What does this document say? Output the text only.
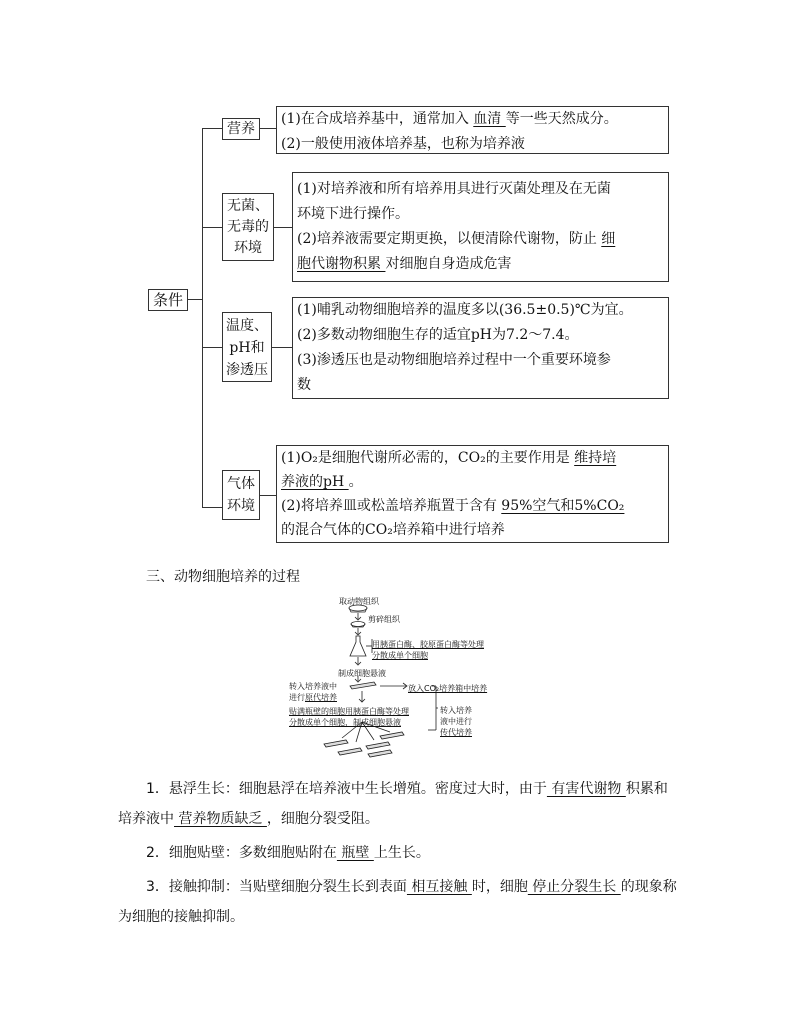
条件
营养
(1)在合成培养基中，通常加入 血清 等一些天然成分。
(2)一般使用液体培养基，也称为培养液
无菌、无毒的环境
(1)对培养液和所有培养用具进行灭菌处理及在无菌
环境下进行操作。
(2)培养液需要定期更换，以便清除代谢物，防止 细
胞代谢物积累 对细胞自身造成危害
温度、pH和渗透压
(1)哺乳动物细胞培养的温度多以(36.5±0.5)℃为宜。
(2)多数动物细胞生存的适宜pH为7.2～7.4。
(3)渗透压也是动物细胞培养过程中一个重要环境参
数
气体环境
(1)O₂是细胞代谢所必需的，CO₂的主要作用是 维持培
养液的pH 。
(2)将培养皿或松盖培养瓶置于含有 95%空气和5%CO₂
的混合气体的CO₂培养箱中进行培养
三、动物细胞培养的过程
取动物组织
剪碎组织
用胰蛋白酶、胶原蛋白酶等处理
分散成单个细胞
制成细胞悬液
转入培养液中
进行原代培养
放入CO₂培养箱中培养
贴满瓶壁的细胞用胰蛋白酶等处理
分散成单个细胞，制成细胞悬液
转入培养
液中进行
传代培养
1．悬浮生长：细胞悬浮在培养液中生长增殖。密度过大时，由于 有害代谢物 积累和培养液中 营养物质缺乏 ，细胞分裂受阻。
2．细胞贴壁：多数细胞贴附在 瓶壁 上生长。
3．接触抑制：当贴壁细胞分裂生长到表面 相互接触 时，细胞 停止分裂生长 的现象称为细胞的接触抑制。
